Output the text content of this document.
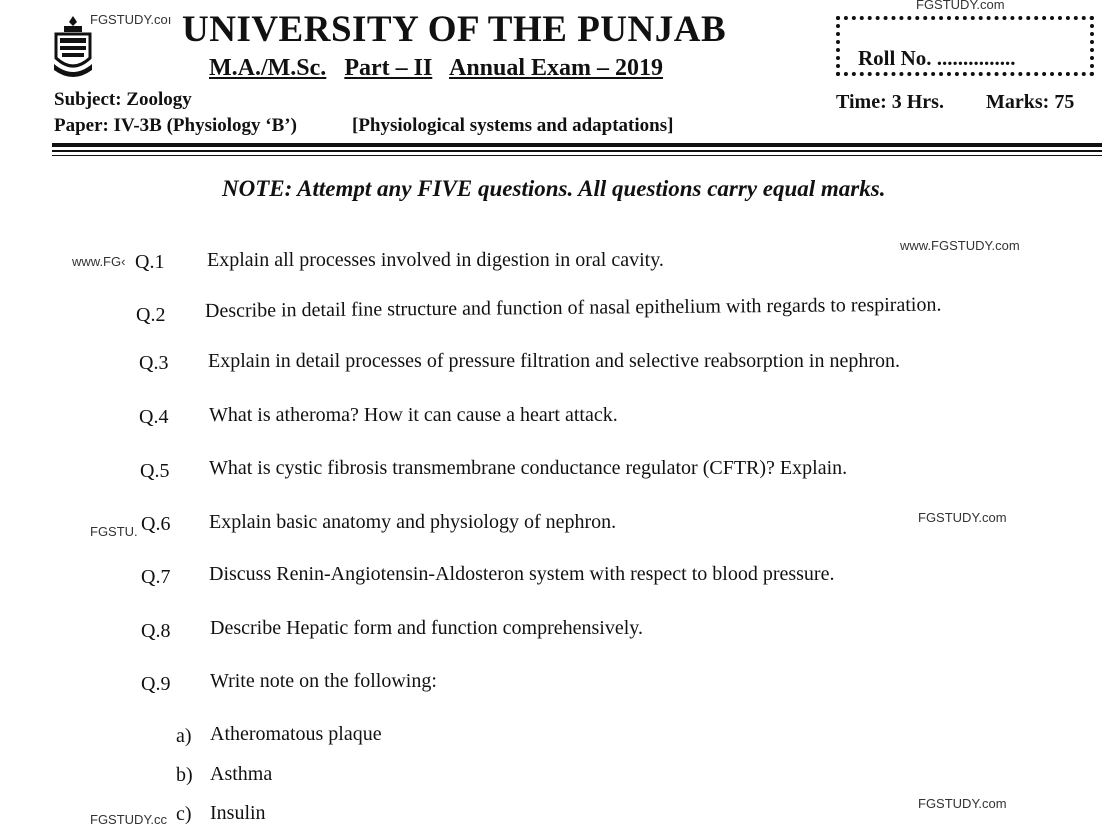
FGSTUDY.coı
FGSTUDY.com
UNIVERSITY OF THE PUNJAB
M.A./M.Sc. Part – II Annual Exam – 2019	Roll No. ...............
Subject: Zoology
Paper: IV-3B (Physiology ‘B’)	[Physiological systems and adaptations]
Time: 3 Hrs. Marks: 75
NOTE: Attempt any FIVE questions. All questions carry equal marks.
www.FG‹
www.FGSTUDY.com
Q.1 Explain all processes involved in digestion in oral cavity.
Q.2 Describe in detail fine structure and function of nasal epithelium with regards to respiration.
Q.3 Explain in detail processes of pressure filtration and selective reabsorption in nephron.
Q.4 What is atheroma? How it can cause a heart attack.
Q.5 What is cystic fibrosis transmembrane conductance regulator (CFTR)? Explain.
FGSTU.
FGSTUDY.com
Q.6 Explain basic anatomy and physiology of nephron.
Q.7 Discuss Renin-Angiotensin-Aldosteron system with respect to blood pressure.
Q.8 Describe Hepatic form and function comprehensively.
Q.9 Write note on the following:
a) Atheromatous plaque
b) Asthma
FGSTUDY.cc
FGSTUDY.com
c) Insulin
